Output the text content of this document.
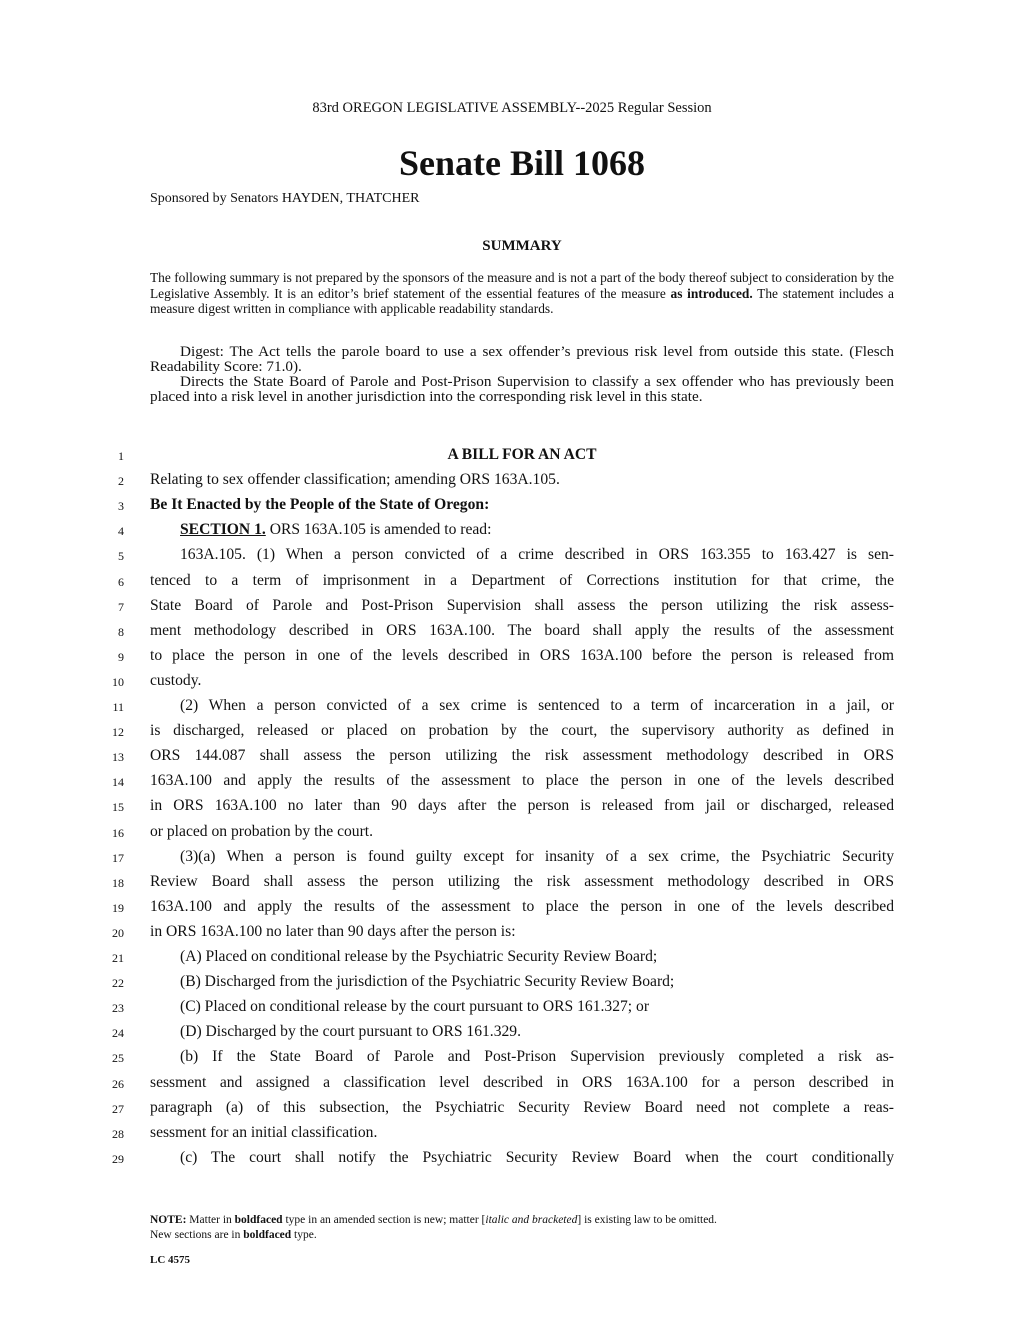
83rd OREGON LEGISLATIVE ASSEMBLY--2025 Regular Session
Senate Bill 1068
Sponsored by Senators HAYDEN, THATCHER
SUMMARY
The following summary is not prepared by the sponsors of the measure and is not a part of the body thereof subject to consideration by the Legislative Assembly. It is an editor’s brief statement of the essential features of the measure as introduced. The statement includes a measure digest written in compliance with applicable readability standards.
Digest: The Act tells the parole board to use a sex offender’s previous risk level from outside this state. (Flesch Readability Score: 71.0).
Directs the State Board of Parole and Post-Prison Supervision to classify a sex offender who has previously been placed into a risk level in another jurisdiction into the corresponding risk level in this state.
1	A BILL FOR AN ACT
2 Relating to sex offender classification; amending ORS 163A.105.
3 Be It Enacted by the People of the State of Oregon:
4	SECTION 1. ORS 163A.105 is amended to read:
5	163A.105. (1) When a person convicted of a crime described in ORS 163.355 to 163.427 is sen-
6 tenced to a term of imprisonment in a Department of Corrections institution for that crime, the
7 State Board of Parole and Post-Prison Supervision shall assess the person utilizing the risk assess-
8 ment methodology described in ORS 163A.100. The board shall apply the results of the assessment
9 to place the person in one of the levels described in ORS 163A.100 before the person is released from
10 custody.
11	(2) When a person convicted of a sex crime is sentenced to a term of incarceration in a jail, or
12 is discharged, released or placed on probation by the court, the supervisory authority as defined in
13 ORS 144.087 shall assess the person utilizing the risk assessment methodology described in ORS
14 163A.100 and apply the results of the assessment to place the person in one of the levels described
15 in ORS 163A.100 no later than 90 days after the person is released from jail or discharged, released
16 or placed on probation by the court.
17	(3)(a) When a person is found guilty except for insanity of a sex crime, the Psychiatric Security
18 Review Board shall assess the person utilizing the risk assessment methodology described in ORS
19 163A.100 and apply the results of the assessment to place the person in one of the levels described
20 in ORS 163A.100 no later than 90 days after the person is:
21	(A) Placed on conditional release by the Psychiatric Security Review Board;
22	(B) Discharged from the jurisdiction of the Psychiatric Security Review Board;
23	(C) Placed on conditional release by the court pursuant to ORS 161.327; or
24	(D) Discharged by the court pursuant to ORS 161.329.
25	(b) If the State Board of Parole and Post-Prison Supervision previously completed a risk as-
26 sessment and assigned a classification level described in ORS 163A.100 for a person described in
27 paragraph (a) of this subsection, the Psychiatric Security Review Board need not complete a reas-
28 sessment for an initial classification.
29	(c) The court shall notify the Psychiatric Security Review Board when the court conditionally
NOTE: Matter in boldfaced type in an amended section is new; matter [italic and bracketed] is existing law to be omitted.
New sections are in boldfaced type.
LC 4575
